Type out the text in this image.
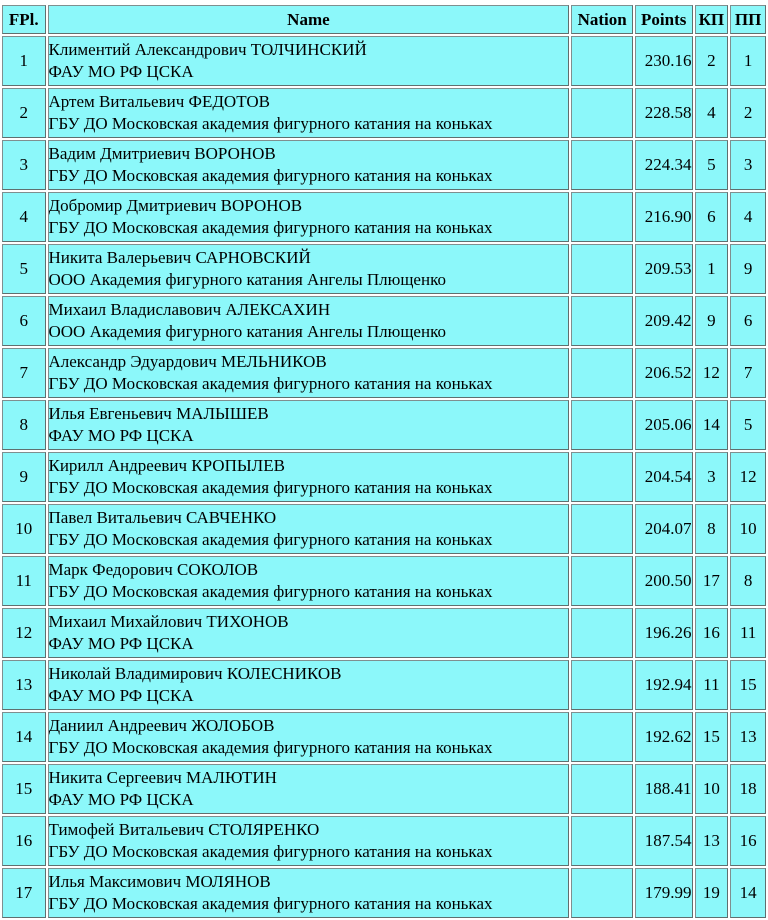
FPl.	Name	Nation	Points	КП	ПП
1	Климентий Александрович ТОЛЧИНСКИЙ
ФАУ МО РФ ЦСКА		230.16	2	1
2	Артем Витальевич ФЕДОТОВ
ГБУ ДО Московская академия фигурного катания на коньках		228.58	4	2
3	Вадим Дмитриевич ВОРОНОВ
ГБУ ДО Московская академия фигурного катания на коньках		224.34	5	3
4	Добромир Дмитриевич ВОРОНОВ
ГБУ ДО Московская академия фигурного катания на коньках		216.90	6	4
5	Никита Валерьевич САРНОВСКИЙ
ООО Академия фигурного катания Ангелы Плющенко		209.53	1	9
6	Михаил Владиславович АЛЕКСАХИН
ООО Академия фигурного катания Ангелы Плющенко		209.42	9	6
7	Александр Эдуардович МЕЛЬНИКОВ
ГБУ ДО Московская академия фигурного катания на коньках		206.52	12	7
8	Илья Евгеньевич МАЛЫШЕВ
ФАУ МО РФ ЦСКА		205.06	14	5
9	Кирилл Андреевич КРОПЫЛЕВ
ГБУ ДО Московская академия фигурного катания на коньках		204.54	3	12
10	Павел Витальевич САВЧЕНКО
ГБУ ДО Московская академия фигурного катания на коньках		204.07	8	10
11	Марк Федорович СОКОЛОВ
ГБУ ДО Московская академия фигурного катания на коньках		200.50	17	8
12	Михаил Михайлович ТИХОНОВ
ФАУ МО РФ ЦСКА		196.26	16	11
13	Николай Владимирович КОЛЕСНИКОВ
ФАУ МО РФ ЦСКА		192.94	11	15
14	Даниил Андреевич ЖОЛОБОВ
ГБУ ДО Московская академия фигурного катания на коньках		192.62	15	13
15	Никита Сергеевич МАЛЮТИН
ФАУ МО РФ ЦСКА		188.41	10	18
16	Тимофей Витальевич СТОЛЯРЕНКО
ГБУ ДО Московская академия фигурного катания на коньках		187.54	13	16
17	Илья Максимович МОЛЯНОВ
ГБУ ДО Московская академия фигурного катания на коньках		179.99	19	14
